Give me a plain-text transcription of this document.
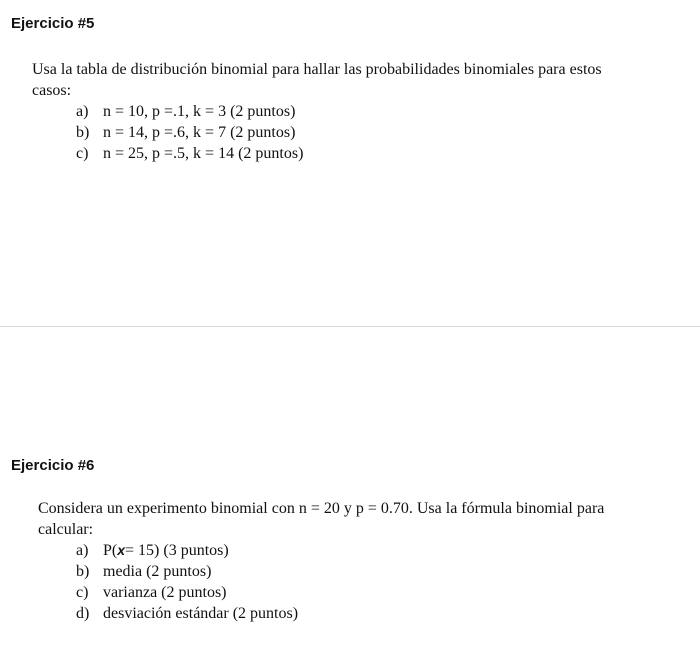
Ejercicio #5

Usa la tabla de distribución binomial para hallar las probabilidades binomiales para estos
casos:

a) n = 10, p =.1, k = 3 (2 puntos)
b) n = 14, p =.6, k = 7 (2 puntos)
c) n = 25, p =.5, k = 14 (2 puntos)
Ejercicio #6

Considera un experimento binomial con n = 20 y p = 0.70. Usa la fórmula binomial para
calcular:

a) P(x= 15) (3 puntos)
b) media (2 puntos)
c) varianza (2 puntos)
d) desviación estándar (2 puntos)
